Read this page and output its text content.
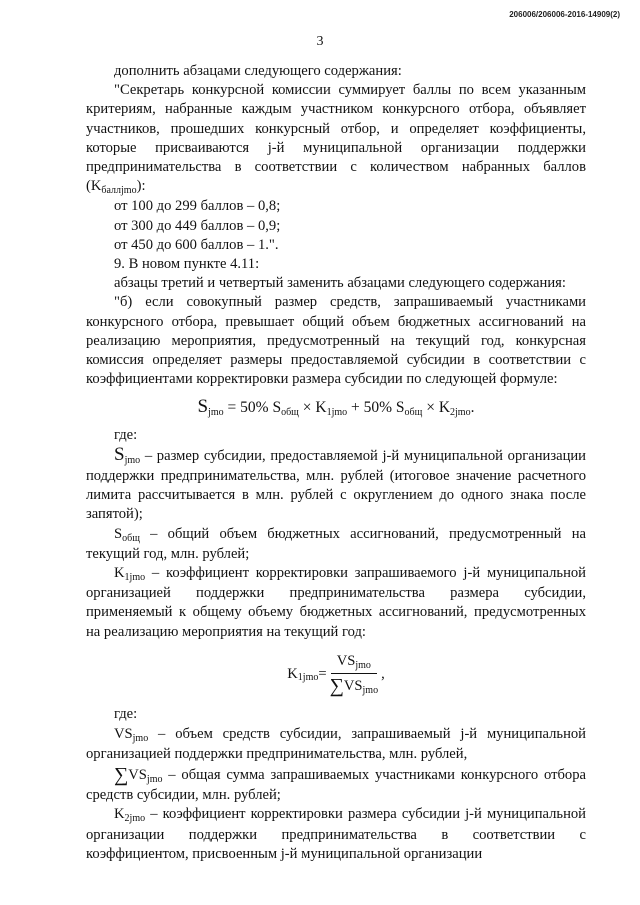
206006/206006-2016-14909(2)
3

дополнить абзацами следующего содержания:

"Секретарь конкурсной комиссии суммирует баллы по всем указанным критериям, набранные каждым участником конкурсного отбора, объявляет участников, прошедших конкурсный отбор, и определяет коэффициенты, которые присваиваются j-й муниципальной организации поддержки предпринимательства в соответствии с количеством набранных баллов $(K_{баллjmo})$:

от 100 до 299 баллов – 0,8;

от 300 до 449 баллов – 0,9;

от 450 до 600 баллов – 1.".

9. В новом пункте 4.11:

абзацы третий и четвертый заменить абзацами следующего содержания:

"б) если совокупный размер средств, запрашиваемый участниками конкурсного отбора, превышает общий объем бюджетных ассигнований на реализацию мероприятия, предусмотренный на текущий год, конкурсная комиссия определяет размеры предоставляемой субсидии в соответствии с коэффициентами корректировки размера субсидии по следующей формуле:

Sjmo = 50% Sобщ × K1jmo + 50% Sобщ × K2jmo.

где:

$S_{jmo}$ – размер субсидии, предоставляемой j-й муниципальной организации поддержки предпринимательства, млн. рублей (итоговое значение расчетного лимита рассчитывается в млн. рублей с округлением до одного знака после запятой);

$S_{общ}$ – общий объем бюджетных ассигнований, предусмотренный на текущий год, млн. рублей;

$K_{1jmo}$ – коэффициент корректировки запрашиваемого j-й муниципальной организацией поддержки предпринимательства размера субсидии, применяемый к общему объему бюджетных ассигнований, предусмотренных на реализацию мероприятия на текущий год:

K $1jmo = \frac{VS_{jmo}}{\sum VS_{jmo}}$ ,

где:

$VS_{jmo}$ – объем средств субсидии, запрашиваемый j-й муниципальной организацией поддержки предпринимательства, млн. рублей,

$\sum VS_{jmo}$ – общая сумма запрашиваемых участниками конкурсного отбора средств субсидии, млн. рублей;

$K_{2jmo}$ – коэффициент корректировки размера субсидии j-й муниципальной организации поддержки предпринимательства в соответствии с коэффициентом, присвоенным j-й муниципальной организации
